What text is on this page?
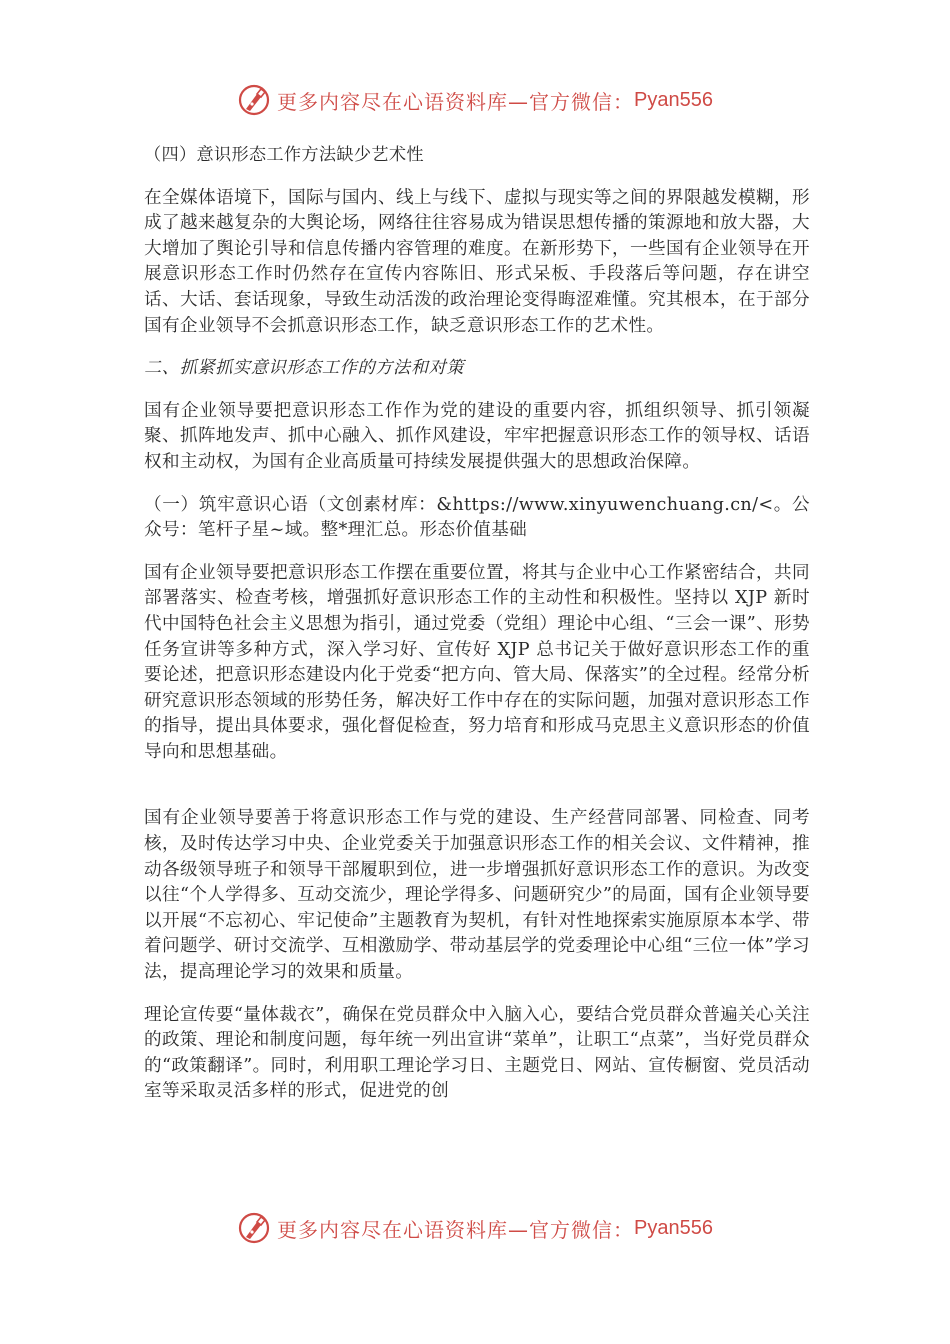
更多内容尽在心语资料库—官方微信： Pyan556

（四）意识形态工作方法缺少艺术性

在全媒体语境下，国际与国内、线上与线下、虚拟与现实等之间的界限越发模糊，形成了越来越复杂的大舆论场，网络往往容易成为错误思想传播的策源地和放大器，大大增加了舆论引导和信息传播内容管理的难度。在新形势下，一些国有企业领导在开展意识形态工作时仍然存在宣传内容陈旧、形式呆板、手段落后等问题，存在讲空话、大话、套话现象，导致生动活泼的政治理论变得晦涩难懂。究其根本，在于部分国有企业领导不会抓意识形态工作，缺乏意识形态工作的艺术性。

二、抓紧抓实意识形态工作的方法和对策

国有企业领导要把意识形态工作作为党的建设的重要内容，抓组织领导、抓引领凝聚、抓阵地发声、抓中心融入、抓作风建设，牢牢把握意识形态工作的领导权、话语权和主动权，为国有企业高质量可持续发展提供强大的思想政治保障。

（一）筑牢意识心语（文创素材库：&https://www.xinyuwenchuang.cn/<。公众号：笔杆子星~域。整*理汇总。形态价值基础

国有企业领导要把意识形态工作摆在重要位置，将其与企业中心工作紧密结合，共同部署落实、检查考核，增强抓好意识形态工作的主动性和积极性。坚持以 XJP 新时代中国特色社会主义思想为指引，通过党委（党组）理论中心组、“三会一课”、形势任务宣讲等多种方式，深入学习好、宣传好 XJP 总书记关于做好意识形态工作的重要论述，把意识形态建设内化于党委“把方向、管大局、保落实”的全过程。经常分析研究意识形态领域的形势任务，解决好工作中存在的实际问题，加强对意识形态工作的指导，提出具体要求，强化督促检查，努力培育和形成马克思主义意识形态的价值导向和思想基础。

国有企业领导要善于将意识形态工作与党的建设、生产经营同部署、同检查、同考核，及时传达学习中央、企业党委关于加强意识形态工作的相关会议、文件精神，推动各级领导班子和领导干部履职到位，进一步增强抓好意识形态工作的意识。为改变以往“个人学得多、互动交流少，理论学得多、问题研究少”的局面，国有企业领导要以开展“不忘初心、牢记使命”主题教育为契机，有针对性地探索实施原原本本学、带着问题学、研讨交流学、互相激励学、带动基层学的党委理论中心组“三位一体”学习法，提高理论学习的效果和质量。

理论宣传要“量体裁衣”，确保在党员群众中入脑入心，要结合党员群众普遍关心关注的政策、理论和制度问题，每年统一列出宣讲“菜单”，让职工“点菜”，当好党员群众的“政策翻译”。同时，利用职工理论学习日、主题党日、网站、宣传橱窗、党员活动室等采取灵活多样的形式，促进党的创

更多内容尽在心语资料库—官方微信： Pyan556
